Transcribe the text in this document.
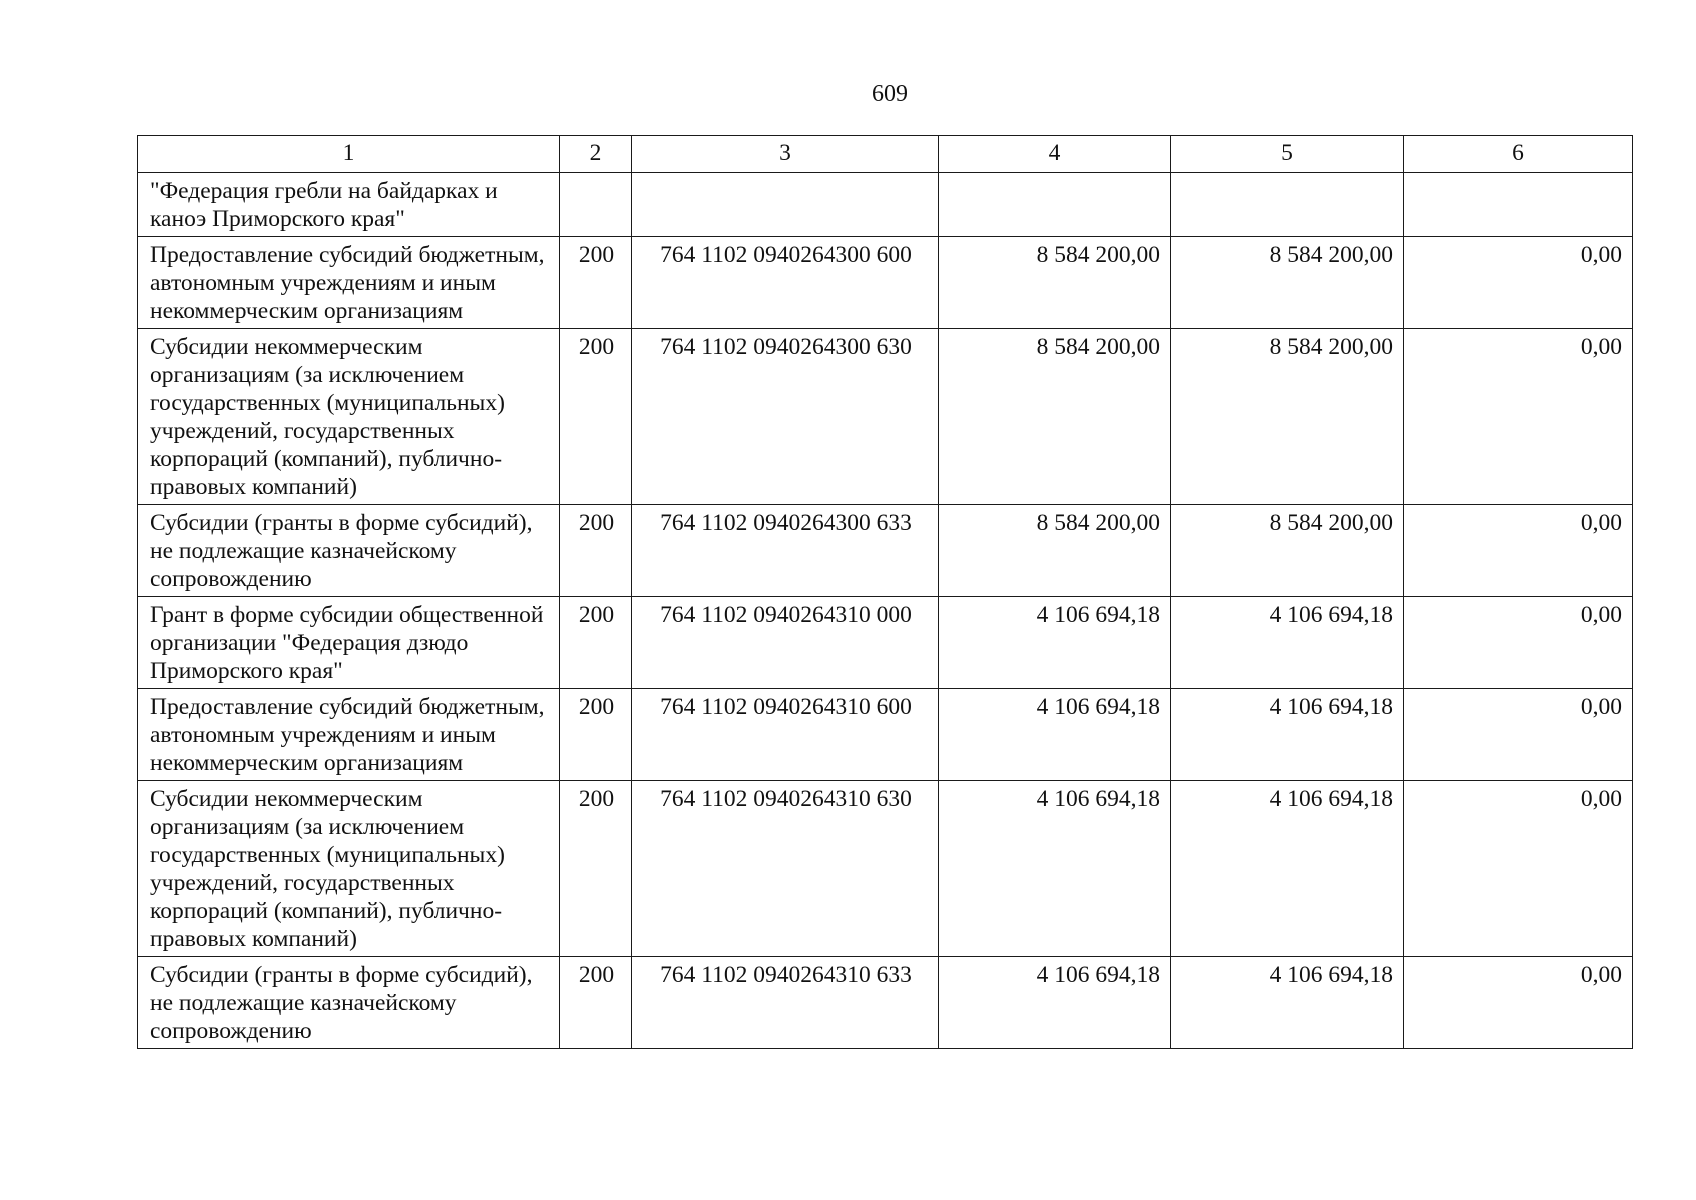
609
1	2	3	4	5	6
"Федерация гребли на байдарках и каноэ Приморского края"					
Предоставление субсидий бюджетным, автономным учреждениям и иным некоммерческим организациям	200	764 1102 0940264300 600	8 584 200,00	8 584 200,00	0,00
Субсидии некоммерческим организациям (за исключением государственных (муниципальных) учреждений, государственных корпораций (компаний), публично-правовых компаний)	200	764 1102 0940264300 630	8 584 200,00	8 584 200,00	0,00
Субсидии (гранты в форме субсидий), не подлежащие казначейскому сопровождению	200	764 1102 0940264300 633	8 584 200,00	8 584 200,00	0,00
Грант в форме субсидии общественной организации "Федерация дзюдо Приморского края"	200	764 1102 0940264310 000	4 106 694,18	4 106 694,18	0,00
Предоставление субсидий бюджетным, автономным учреждениям и иным некоммерческим организациям	200	764 1102 0940264310 600	4 106 694,18	4 106 694,18	0,00
Субсидии некоммерческим организациям (за исключением государственных (муниципальных) учреждений, государственных корпораций (компаний), публично-правовых компаний)	200	764 1102 0940264310 630	4 106 694,18	4 106 694,18	0,00
Субсидии (гранты в форме субсидий), не подлежащие казначейскому сопровождению	200	764 1102 0940264310 633	4 106 694,18	4 106 694,18	0,00
